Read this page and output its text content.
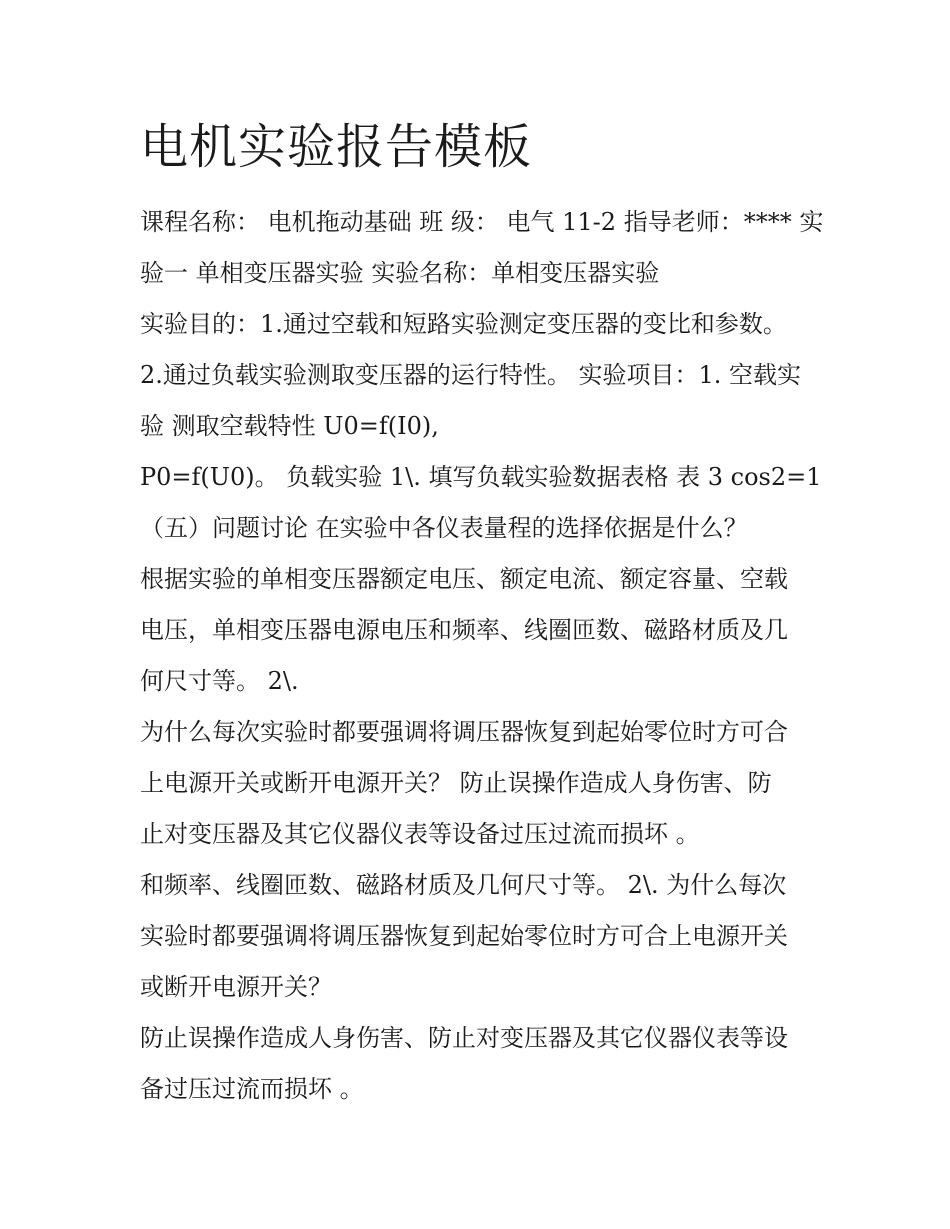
电机实验报告模板

课程名称： 电机拖动基础 班 级： 电气 11-2 指导老师：**** 实

验一 单相变压器实验 实验名称：单相变压器实验

实验目的：1.通过空载和短路实验测定变压器的变比和参数。

2.通过负载实验测取变压器的运行特性。 实验项目：1. 空载实

验 测取空载特性 U0=f(I0),

P0=f(U0)。 负载实验 1\. 填写负载实验数据表格 表 3 cos2=1

（五）问题讨论 在实验中各仪表量程的选择依据是什么？

根据实验的单相变压器额定电压、额定电流、额定容量、空载

电压，单相变压器电源电压和频率、线圈匝数、磁路材质及几

何尺寸等。 2\.

为什么每次实验时都要强调将调压器恢复到起始零位时方可合

上电源开关或断开电源开关？ 防止误操作造成人身伤害、防

止对变压器及其它仪器仪表等设备过压过流而损坏 。

和频率、线圈匝数、磁路材质及几何尺寸等。 2\. 为什么每次

实验时都要强调将调压器恢复到起始零位时方可合上电源开关

或断开电源开关？

防止误操作造成人身伤害、防止对变压器及其它仪器仪表等设

备过压过流而损坏 。
